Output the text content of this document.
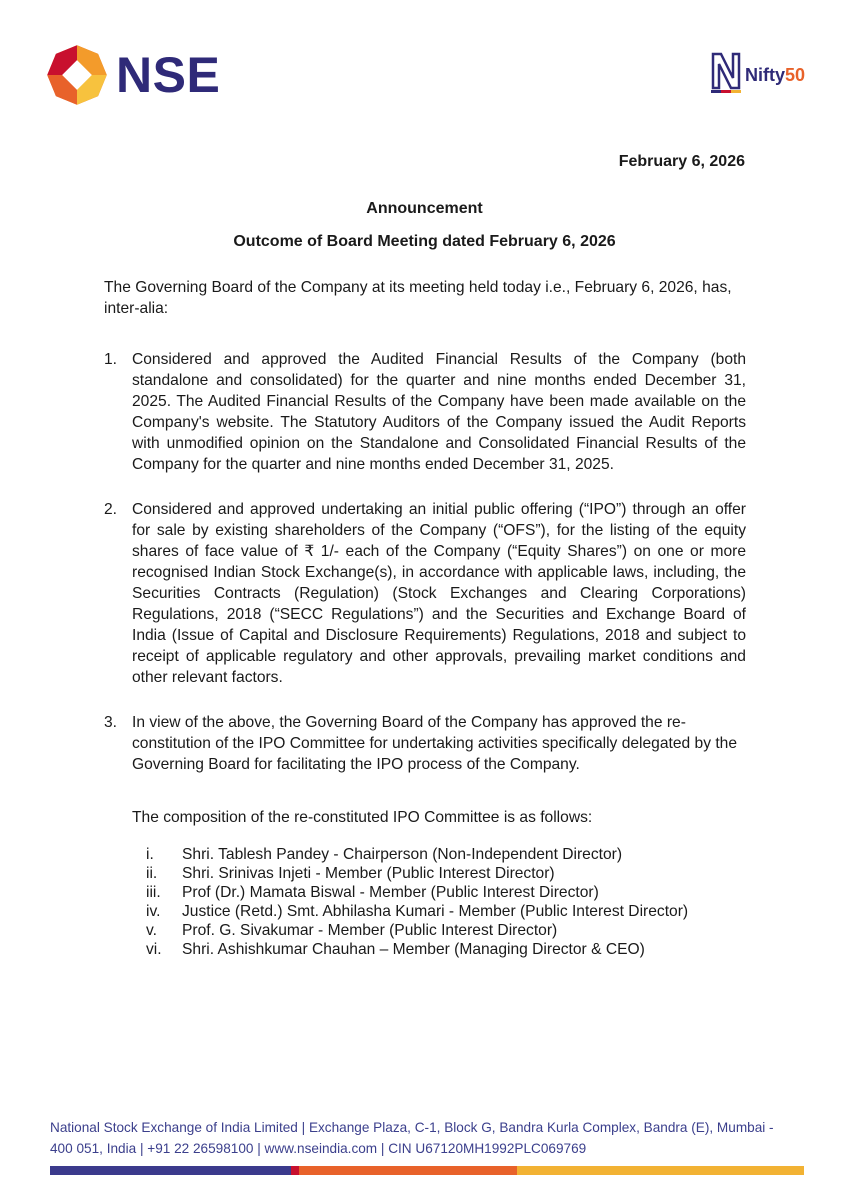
NSE	Nifty50
February 6, 2026
Announcement
Outcome of Board Meeting dated February 6, 2026

The Governing Board of the Company at its meeting held today i.e., February 6, 2026, has, inter-alia:

1. Considered and approved the Audited Financial Results of the Company (both standalone and consolidated) for the quarter and nine months ended December 31, 2025. The Audited Financial Results of the Company have been made available on the Company's website. The Statutory Auditors of the Company issued the Audit Reports with unmodified opinion on the Standalone and Consolidated Financial Results of the Company for the quarter and nine months ended December 31, 2025.
2. Considered and approved undertaking an initial public offering (“IPO”) through an offer for sale by existing shareholders of the Company (“OFS”), for the listing of the equity shares of face value of ₹ 1/- each of the Company (“Equity Shares”) on one or more recognised Indian Stock Exchange(s), in accordance with applicable laws, including, the Securities Contracts (Regulation) (Stock Exchanges and Clearing Corporations) Regulations, 2018 (“SECC Regulations”) and the Securities and Exchange Board of India (Issue of Capital and Disclosure Requirements) Regulations, 2018 and subject to receipt of applicable regulatory and other approvals, prevailing market conditions and other relevant factors.
3. In view of the above, the Governing Board of the Company has approved the re-constitution of the IPO Committee for undertaking activities specifically delegated by the Governing Board for facilitating the IPO process of the Company.
The composition of the re-constituted IPO Committee is as follows:
i.	Shri. Tablesh Pandey - Chairperson (Non-Independent Director)
ii.	Shri. Srinivas Injeti - Member (Public Interest Director)
iii.	Prof (Dr.) Mamata Biswal - Member (Public Interest Director)
iv.	Justice (Retd.) Smt. Abhilasha Kumari - Member (Public Interest Director)
v.	Prof. G. Sivakumar - Member (Public Interest Director)
vi.	Shri. Ashishkumar Chauhan – Member (Managing Director & CEO)
National Stock Exchange of India Limited | Exchange Plaza, C-1, Block G, Bandra Kurla Complex, Bandra (E), Mumbai -
400 051, India | +91 22 26598100 | www.nseindia.com | CIN U67120MH1992PLC069769
